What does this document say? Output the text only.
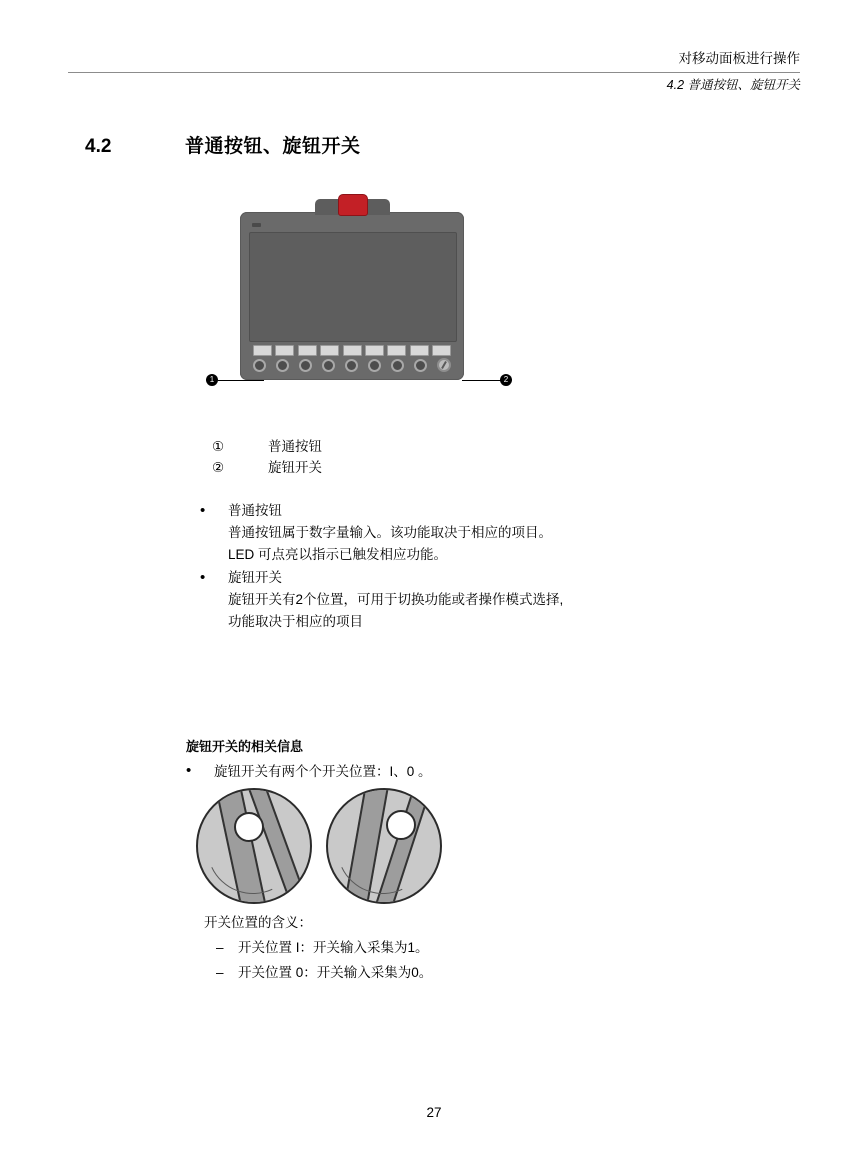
对移动面板进行操作
4.2 普通按钮、旋钮开关
4.2	普通按钮、旋钮开关
1	2
①	普通按钮
②	旋钮开关
•	普通按钮
普通按钮属于数字量输入。该功能取决于相应的项目。
LED 可点亮以指示已触发相应功能。
•	旋钮开关
旋钮开关有2个位置，可用于切换功能或者操作模式选择,
功能取决于相应的项目
旋钮开关的相关信息
•	旋钮开关有两个个开关位置：I、0 。
开关位置的含义：
–	开关位置 I：开关输入采集为1。
–	开关位置 0：开关输入采集为0。
27
